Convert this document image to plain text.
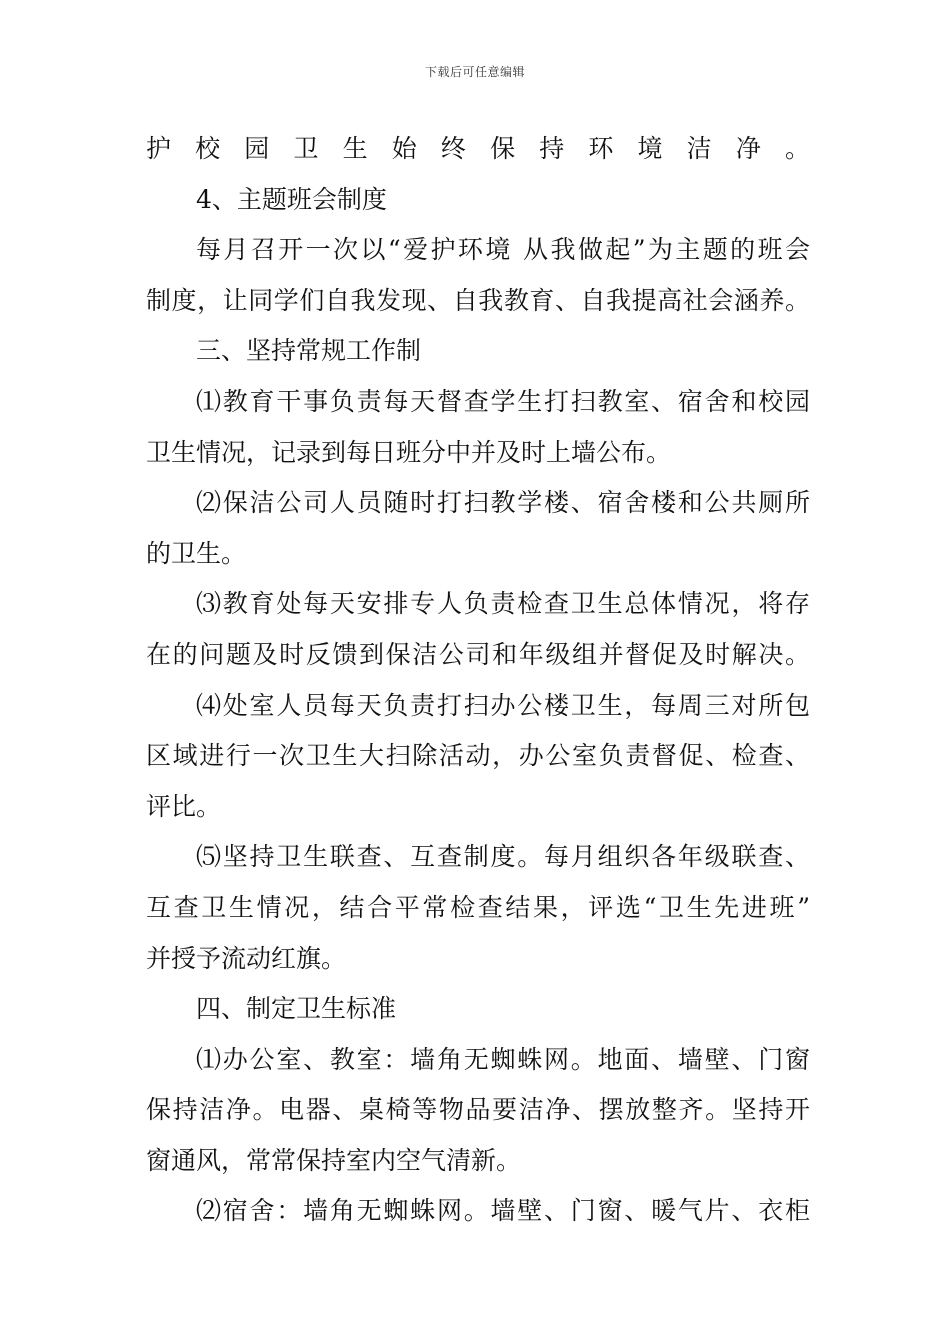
下载后可任意编辑
护校园卫生始终保持环境洁净。
4、主题班会制度
每月召开一次以“爱护环境 从我做起”为主题的班会
制度，让同学们自我发现、自我教育、自我提高社会涵养。
三、坚持常规工作制
⑴教育干事负责每天督查学生打扫教室、宿舍和校园
卫生情况，记录到每日班分中并及时上墙公布。
⑵保洁公司人员随时打扫教学楼、宿舍楼和公共厕所
的卫生。
⑶教育处每天安排专人负责检查卫生总体情况，将存
在的问题及时反馈到保洁公司和年级组并督促及时解决。
⑷处室人员每天负责打扫办公楼卫生，每周三对所包
区域进行一次卫生大扫除活动，办公室负责督促、检查、
评比。
⑸坚持卫生联查、互查制度。每月组织各年级联查、
互查卫生情况，结合平常检查结果，评选“卫生先进班”
并授予流动红旗。
四、制定卫生标准
⑴办公室、教室：墙角无蜘蛛网。地面、墙壁、门窗
保持洁净。电器、桌椅等物品要洁净、摆放整齐。坚持开
窗通风，常常保持室内空气清新。
⑵宿舍：墙角无蜘蛛网。墙壁、门窗、暖气片、衣柜
